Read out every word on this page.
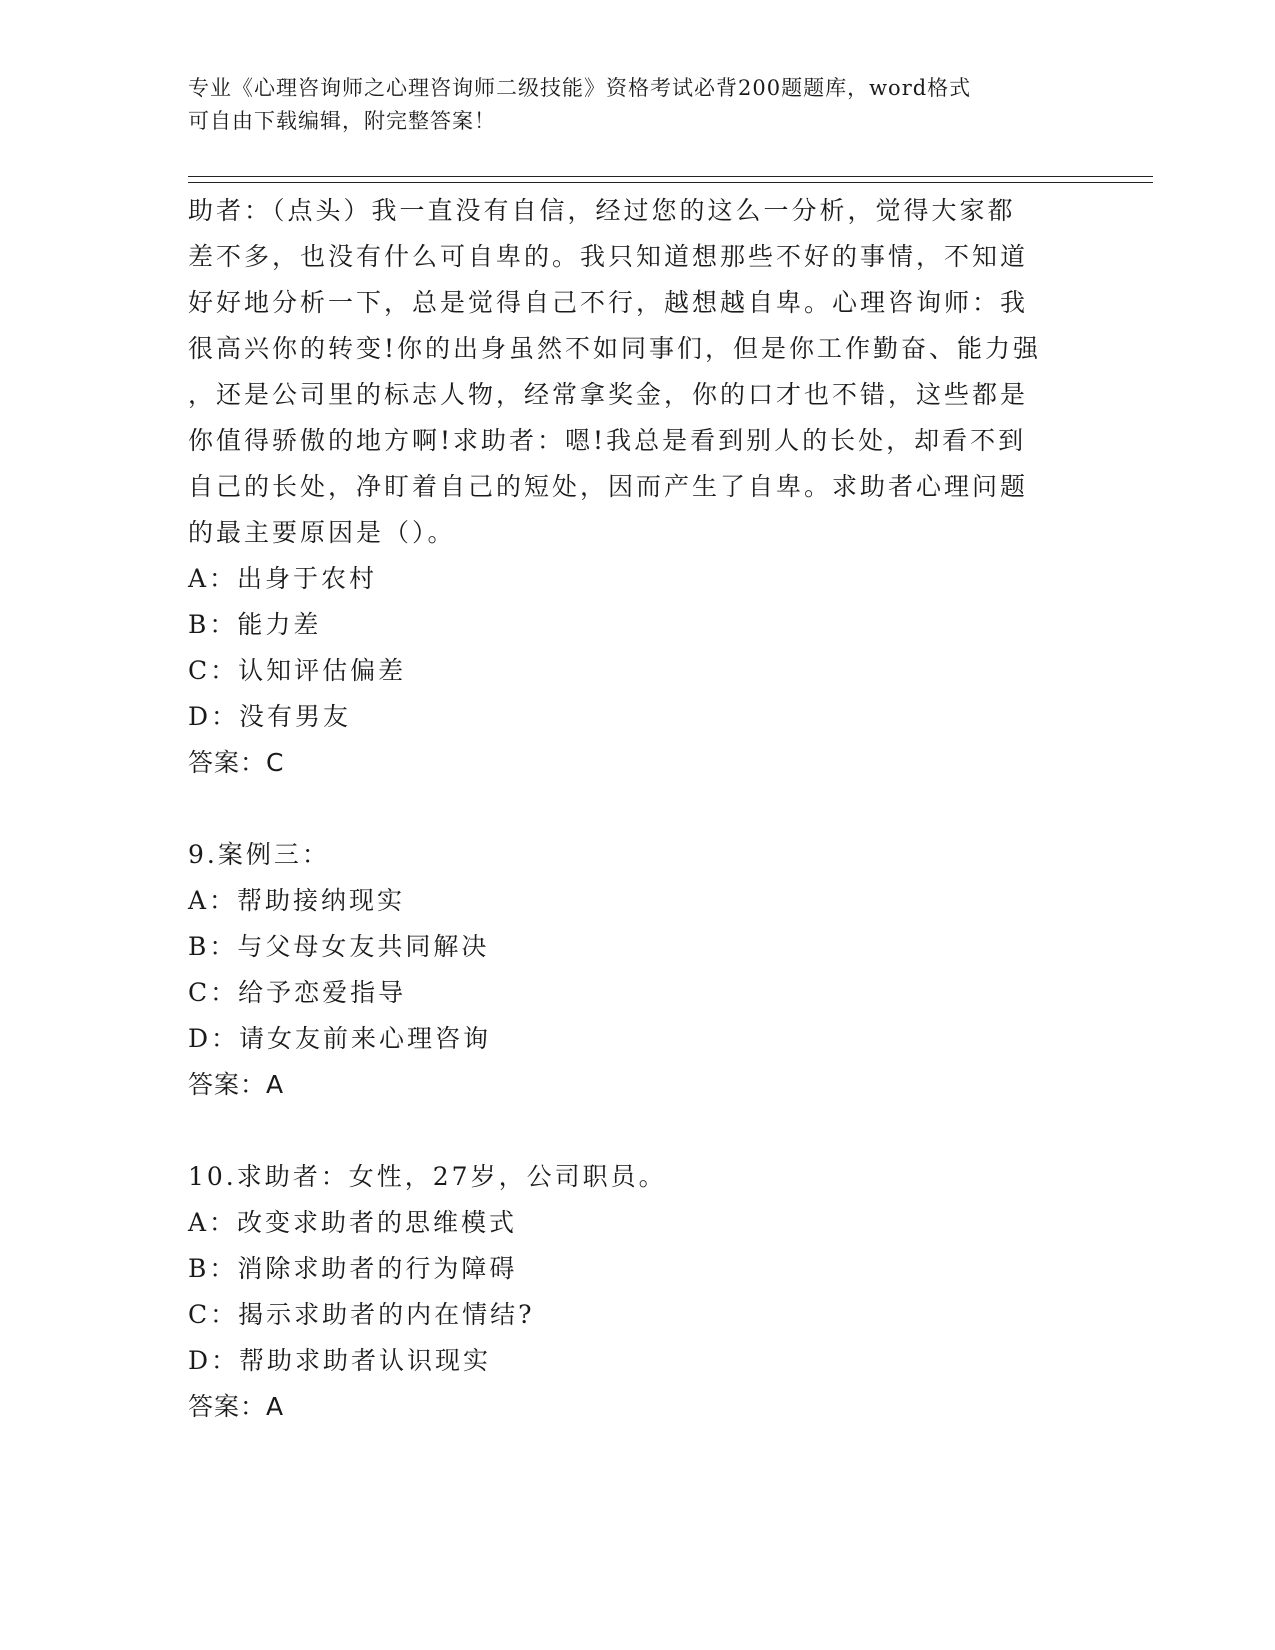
专业《心理咨询师之心理咨询师二级技能》资格考试必背200题题库，word格式
可自由下载编辑，附完整答案！
助者：（点头）我一直没有自信，经过您的这么一分析，觉得大家都
差不多，也没有什么可自卑的。我只知道想那些不好的事情，不知道
好好地分析一下，总是觉得自己不行，越想越自卑。心理咨询师：我
很高兴你的转变!你的出身虽然不如同事们，但是你工作勤奋、能力强
，还是公司里的标志人物，经常拿奖金，你的口才也不错，这些都是
你值得骄傲的地方啊!求助者：嗯!我总是看到别人的长处，却看不到
自己的长处，净盯着自己的短处，因而产生了自卑。求助者心理问题
的最主要原因是（）。
A：出身于农村
B：能力差
C：认知评估偏差
D：没有男友
答案：C
9.案例三：
A：帮助接纳现实
B：与父母女友共同解决
C：给予恋爱指导
D：请女友前来心理咨询
答案：A
10.求助者：女性，27岁，公司职员。
A：改变求助者的思维模式
B：消除求助者的行为障碍
C：揭示求助者的内在情结?
D：帮助求助者认识现实
答案：A
